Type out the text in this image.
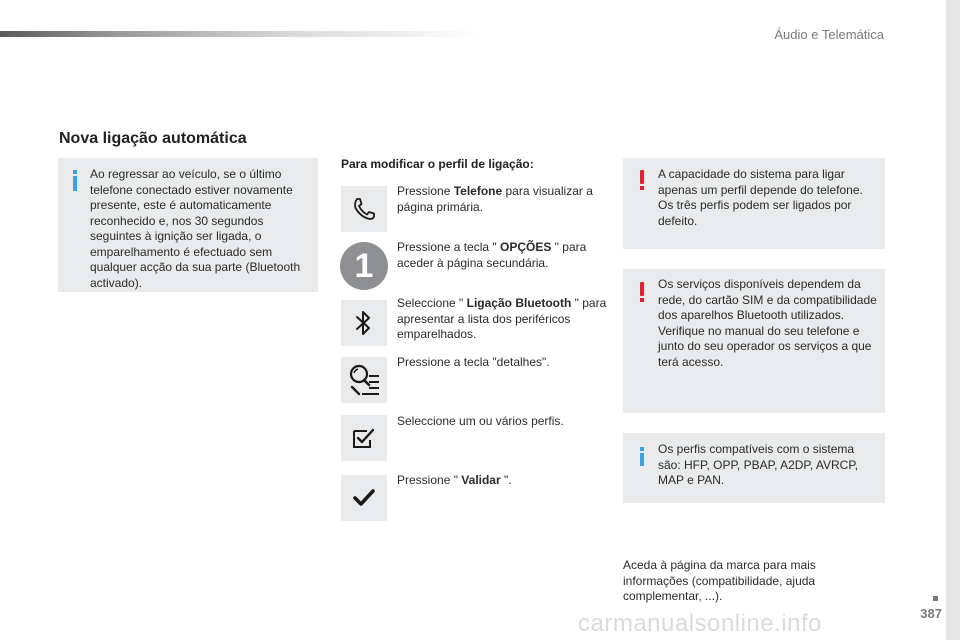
Áudio e Telemática
Nova ligação automática
Ao regressar ao veículo, se o último telefone conectado estiver novamente presente, este é automaticamente reconhecido e, nos 30 segundos seguintes à ignição ser ligada, o emparelhamento é efectuado sem qualquer acção da sua parte (Bluetooth activado).
Para modificar o perfil de ligação:
Pressione Telefone para visualizar a página primária.
1	Pressione a tecla " OPÇÕES " para aceder à página secundária.
Seleccione " Ligação Bluetooth " para apresentar a lista dos periféricos emparelhados.
Pressione a tecla "detalhes".
Seleccione um ou vários perfis.
Pressione " Validar ".
A capacidade do sistema para ligar apenas um perfil depende do telefone. Os três perfis podem ser ligados por defeito.
Os serviços disponíveis dependem da rede, do cartão SIM e da compatibilidade dos aparelhos Bluetooth utilizados. Verifique no manual do seu telefone e junto do seu operador os serviços a que terá acesso.
Os perfis compatíveis com o sistema são: HFP, OPP, PBAP, A2DP, AVRCP, MAP e PAN.
Aceda à página da marca para mais informações (compatibilidade, ajuda complementar, ...).
387
carmanualsonline.info
